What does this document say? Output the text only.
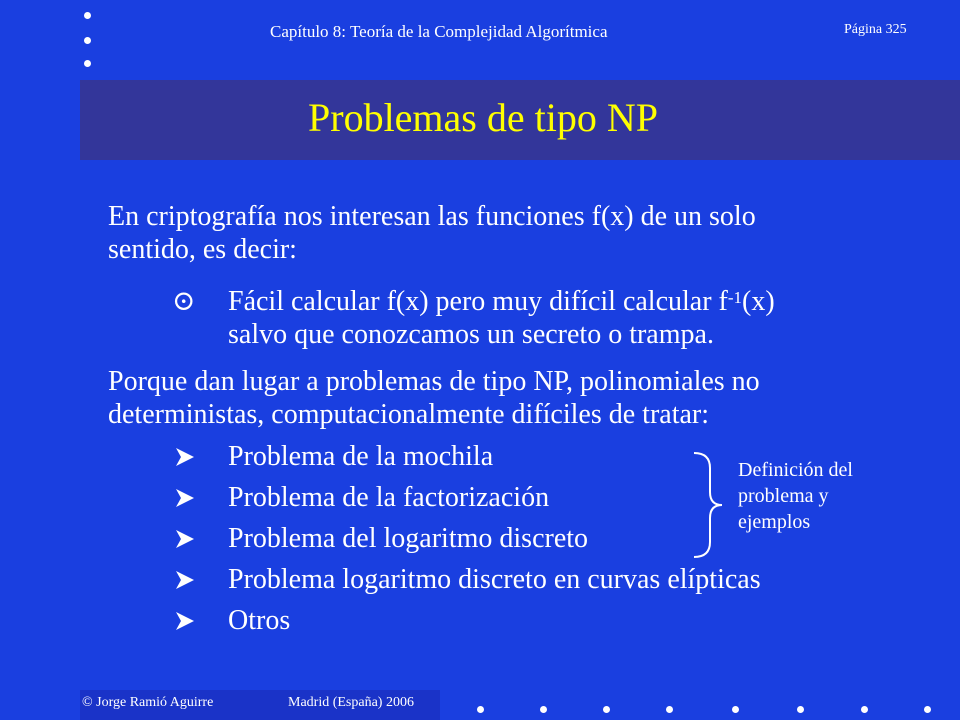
Capítulo 8: Teoría de la Complejidad Algorítmica	Página 325
Problemas de tipo NP
En criptografía nos interesan las funciones f(x) de un solo
sentido, es decir:
⊙ Fácil calcular f(x) pero muy difícil calcular $f^{-1}(x)$
salvo que conozcamos un secreto o trampa.
Porque dan lugar a problemas de tipo NP, polinomiales no
deterministas, computacionalmente difíciles de tratar:
Problema de la mochila
Problema de la factorización
Problema del logaritmo discreto
Problema logaritmo discreto en curvas elípticas
Otros
Definición del
problema y
ejemplos
© Jorge Ramió Aguirre	Madrid (España) 2006
